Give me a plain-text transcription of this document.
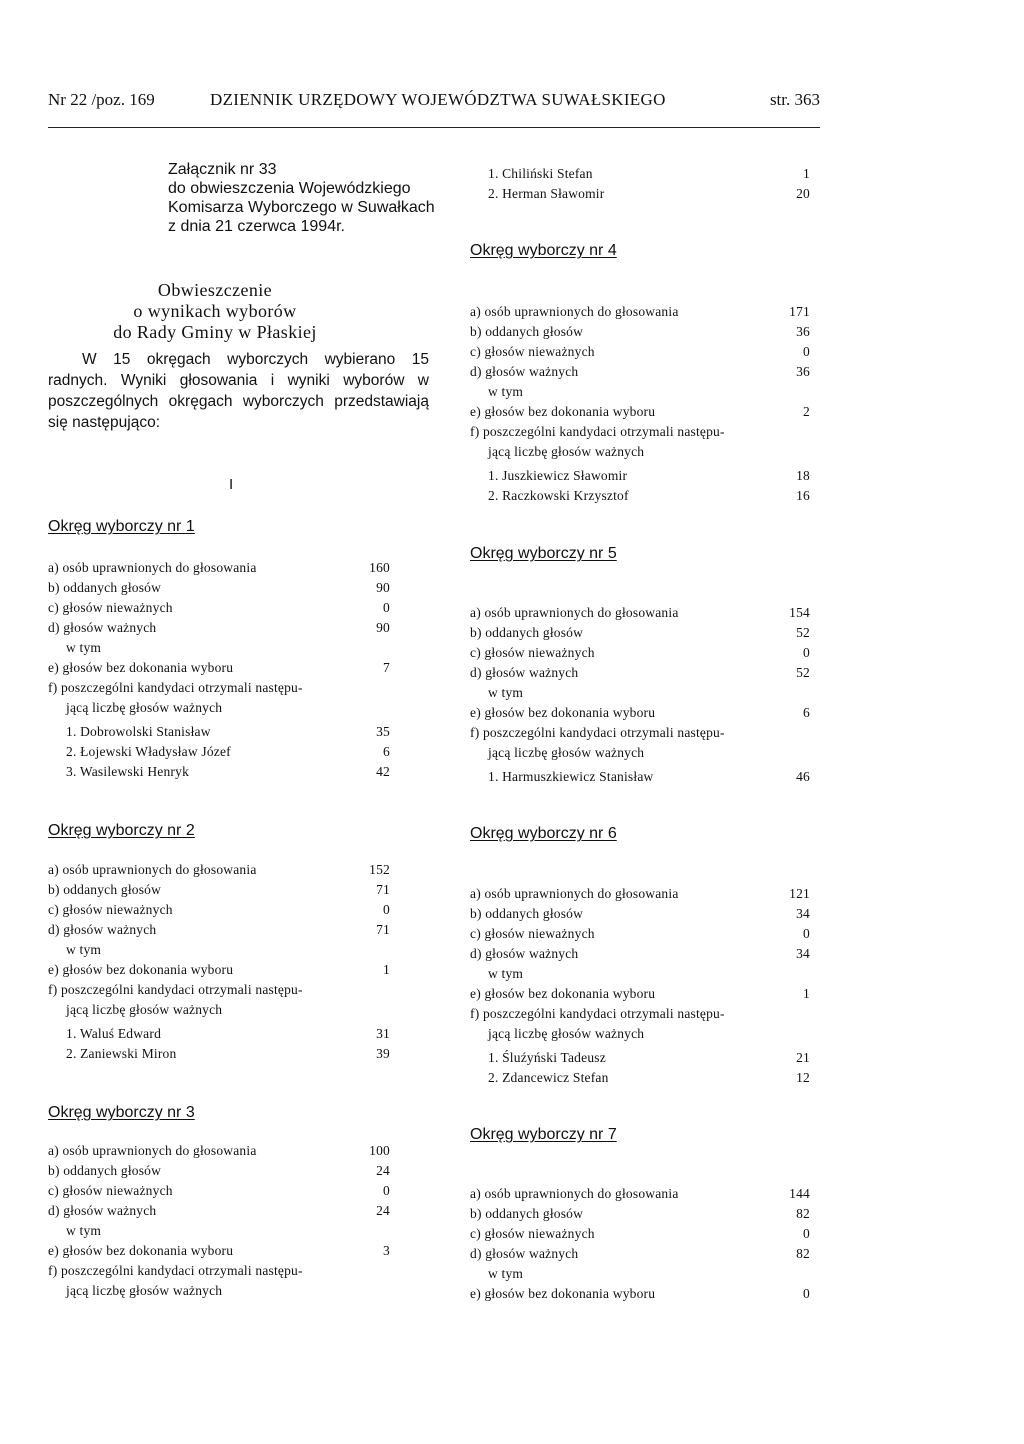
Nr 22 /poz. 169	DZIENNIK URZĘDOWY WOJEWÓDZTWA SUWAŁSKIEGO	str. 363
Załącznik nr 33
do obwieszczenia Wojewódzkiego
Komisarza Wyborczego w Suwałkach
z dnia 21 czerwca 1994r.
Obwieszczenie
o wynikach wyborów
do Rady Gminy w Płaskiej
W 15 okręgach wyborczych wybierano 15 radnych. Wyniki głosowania i wyniki wyborów w poszczególnych okręgach wyborczych przedstawiają się następująco:
I
Okręg wyborczy nr 1
a) osób uprawnionych do głosowania	160
b) oddanych głosów	90
c) głosów nieważnych	0
d) głosów ważnych	90
w tym
e) głosów bez dokonania wyboru	7
f) poszczególni kandydaci otrzymali następu-
jącą liczbę głosów ważnych
1. Dobrowolski Stanisław	35
2. Łojewski Władysław Józef	6
3. Wasilewski Henryk	42
Okręg wyborczy nr 2
a) osób uprawnionych do głosowania	152
b) oddanych głosów	71
c) głosów nieważnych	0
d) głosów ważnych	71
w tym
e) głosów bez dokonania wyboru	1
f) poszczególni kandydaci otrzymali następu-
jącą liczbę głosów ważnych
1. Waluś Edward	31
2. Zaniewski Miron	39
Okręg wyborczy nr 3
a) osób uprawnionych do głosowania	100
b) oddanych głosów	24
c) głosów nieważnych	0
d) głosów ważnych	24
w tym
e) głosów bez dokonania wyboru	3
f) poszczególni kandydaci otrzymali następu-
jącą liczbę głosów ważnych
1. Chiliński Stefan	1
2. Herman Sławomir	20
Okręg wyborczy nr 4
a) osób uprawnionych do głosowania	171
b) oddanych głosów	36
c) głosów nieważnych	0
d) głosów ważnych	36
w tym
e) głosów bez dokonania wyboru	2
f) poszczególni kandydaci otrzymali następu-
jącą liczbę głosów ważnych
1. Juszkiewicz Sławomir	18
2. Raczkowski Krzysztof	16
Okręg wyborczy nr 5
a) osób uprawnionych do głosowania	154
b) oddanych głosów	52
c) głosów nieważnych	0
d) głosów ważnych	52
w tym
e) głosów bez dokonania wyboru	6
f) poszczególni kandydaci otrzymali następu-
jącą liczbę głosów ważnych
1. Harmuszkiewicz Stanisław	46
Okręg wyborczy nr 6
a) osób uprawnionych do głosowania	121
b) oddanych głosów	34
c) głosów nieważnych	0
d) głosów ważnych	34
w tym
e) głosów bez dokonania wyboru	1
f) poszczególni kandydaci otrzymali następu-
jącą liczbę głosów ważnych
1. Śluźyński Tadeusz	21
2. Zdancewicz Stefan	12
Okręg wyborczy nr 7
a) osób uprawnionych do głosowania	144
b) oddanych głosów	82
c) głosów nieważnych	0
d) głosów ważnych	82
w tym
e) głosów bez dokonania wyboru	0
